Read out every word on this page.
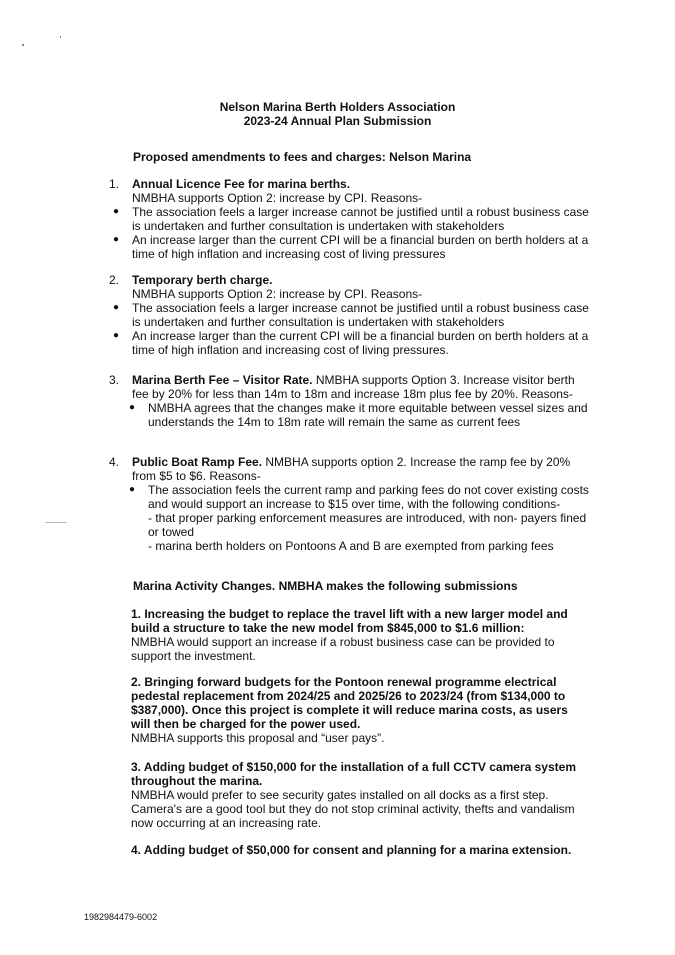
Nelson Marina Berth Holders Association
2023-24 Annual Plan Submission
Proposed amendments to fees and charges: Nelson Marina
1. Annual Licence Fee for marina berths.
NMBHA supports Option 2: increase by CPI. Reasons-
● The association feels a larger increase cannot be justified until a robust business case is undertaken and further consultation is undertaken with stakeholders
● An increase larger than the current CPI will be a financial burden on berth holders at a time of high inflation and increasing cost of living pressures
2. Temporary berth charge.
NMBHA supports Option 2: increase by CPI. Reasons-
● The association feels a larger increase cannot be justified until a robust business case is undertaken and further consultation is undertaken with stakeholders
● An increase larger than the current CPI will be a financial burden on berth holders at a time of high inflation and increasing cost of living pressures.
3. Marina Berth Fee – Visitor Rate. NMBHA supports Option 3. Increase visitor berth fee by 20% for less than 14m to 18m and increase 18m plus fee by 20%. Reasons-
● NMBHA agrees that the changes make it more equitable between vessel sizes and understands the 14m to 18m rate will remain the same as current fees
4. Public Boat Ramp Fee. NMBHA supports option 2. Increase the ramp fee by 20% from $5 to $6. Reasons-
● The association feels the current ramp and parking fees do not cover existing costs and would support an increase to $15 over time, with the following conditions-
- that proper parking enforcement measures are introduced, with non- payers fined or towed
- marina berth holders on Pontoons A and B are exempted from parking fees
Marina Activity Changes. NMBHA makes the following submissions
1. Increasing the budget to replace the travel lift with a new larger model and build a structure to take the new model from $845,000 to $1.6 million:
NMBHA would support an increase if a robust business case can be provided to support the investment.
2. Bringing forward budgets for the Pontoon renewal programme electrical pedestal replacement from 2024/25 and 2025/26 to 2023/24 (from $134,000 to $387,000). Once this project is complete it will reduce marina costs, as users will then be charged for the power used.
NMBHA supports this proposal and “user pays”.
3. Adding budget of $150,000 for the installation of a full CCTV camera system throughout the marina.
NMBHA would prefer to see security gates installed on all docks as a first step. Camera's are a good tool but they do not stop criminal activity, thefts and vandalism now occurring at an increasing rate.
4. Adding budget of $50,000 for consent and planning for a marina extension.
1982984479-6002
